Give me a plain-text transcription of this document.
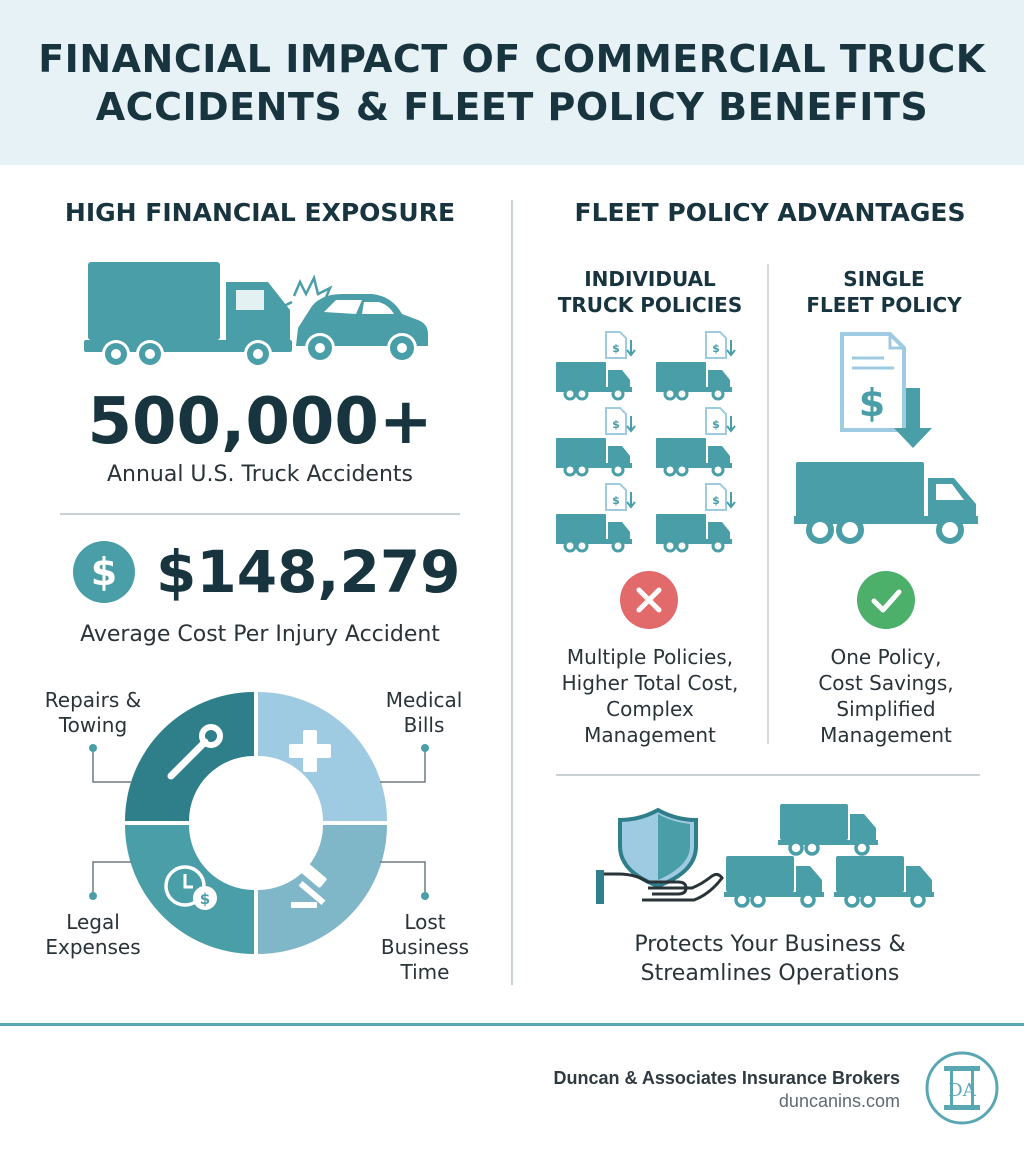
FINANCIAL IMPACT OF COMMERCIAL TRUCK
ACCIDENTS & FLEET POLICY BENEFITS
HIGH FINANCIAL EXPOSURE
500,000+
Annual U.S. Truck Accidents
$ $148,279
Average Cost Per Injury Accident
$
Repairs &
Towing
Medical
Bills
Legal
Expenses
Lost
Business
Time
FLEET POLICY ADVANTAGES
INDIVIDUAL
TRUCK POLICIES
SINGLE
FLEET POLICY
$
$
Multiple Policies,
Higher Total Cost,
Complex
Management
One Policy,
Cost Savings,
Simplified
Management
Protects Your Business &
Streamlines Operations
Duncan & Associates Insurance Brokers
duncanins.com	DA
